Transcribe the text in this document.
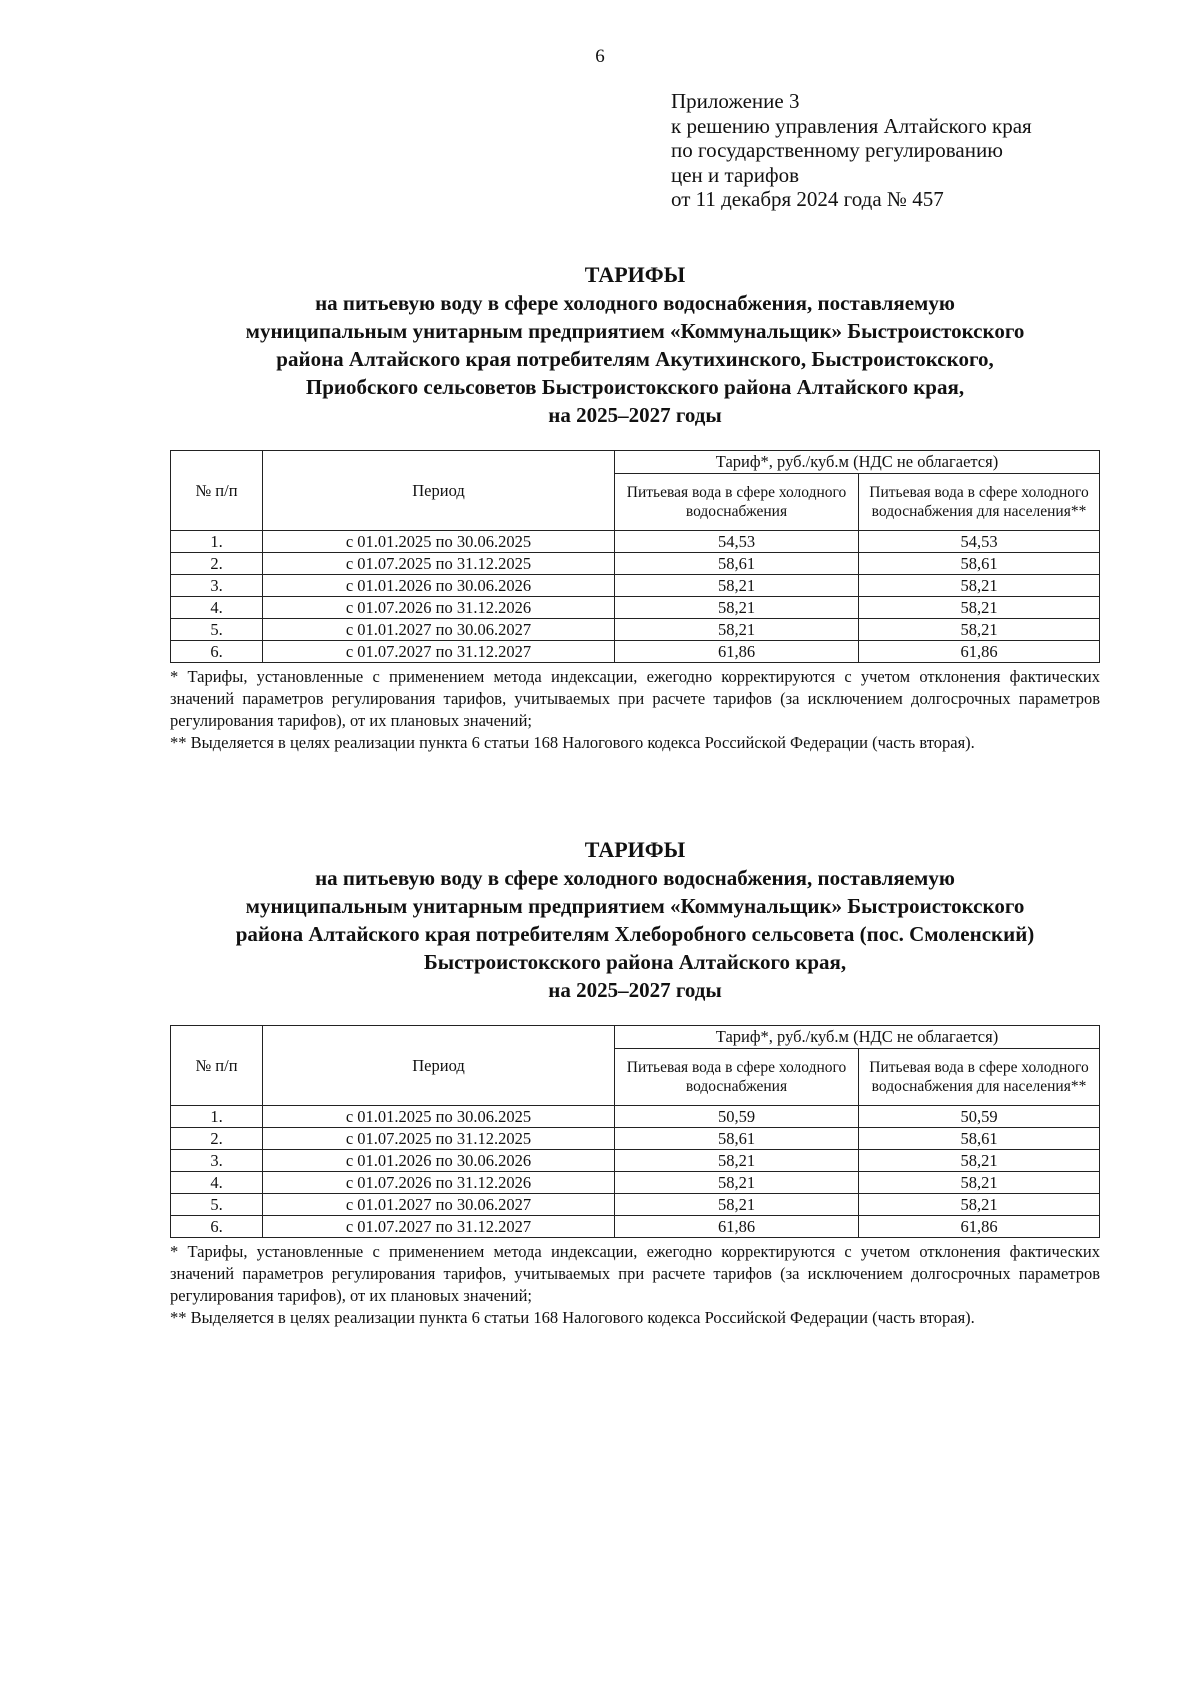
6
Приложение 3
к решению управления Алтайского края
по государственному регулированию
цен и тарифов
от 11 декабря 2024 года № 457
ТАРИФЫ
на питьевую воду в сфере холодного водоснабжения, поставляемую
муниципальным унитарным предприятием «Коммунальщик» Быстроистокского
района Алтайского края потребителям Акутихинского, Быстроистокского,
Приобского сельсоветов Быстроистокского района Алтайского края,
на 2025–2027 годы
№ п/п	Период	Тариф*, руб./куб.м (НДС не облагается)	
		Питьевая вода в сфере холодного водоснабжения	Питьевая вода в сфере холодного водоснабжения для населения**
1.	с 01.01.2025 по 30.06.2025	54,53	54,53
2.	с 01.07.2025 по 31.12.2025	58,61	58,61
3.	с 01.01.2026 по 30.06.2026	58,21	58,21
4.	с 01.07.2026 по 31.12.2026	58,21	58,21
5.	с 01.01.2027 по 30.06.2027	58,21	58,21
6.	с 01.07.2027 по 31.12.2027	61,86	61,86

* Тарифы, установленные с применением метода индексации, ежегодно корректируются с учетом отклонения фактических значений параметров регулирования тарифов, учитываемых при расчете тарифов (за исключением долгосрочных параметров регулирования тарифов), от их плановых значений;

** Выделяется в целях реализации пункта 6 статьи 168 Налогового кодекса Российской Федерации (часть вторая).

ТАРИФЫ
на питьевую воду в сфере холодного водоснабжения, поставляемую
муниципальным унитарным предприятием «Коммунальщик» Быстроистокского
района Алтайского края потребителям Хлеборобного сельсовета (пос. Смоленский)
Быстроистокского района Алтайского края,
на 2025–2027 годы
№ п/п	Период	Тариф*, руб./куб.м (НДС не облагается)	
		Питьевая вода в сфере холодного водоснабжения	Питьевая вода в сфере холодного водоснабжения для населения**
1.	с 01.01.2025 по 30.06.2025	50,59	50,59
2.	с 01.07.2025 по 31.12.2025	58,61	58,61
3.	с 01.01.2026 по 30.06.2026	58,21	58,21
4.	с 01.07.2026 по 31.12.2026	58,21	58,21
5.	с 01.01.2027 по 30.06.2027	58,21	58,21
6.	с 01.07.2027 по 31.12.2027	61,86	61,86

* Тарифы, установленные с применением метода индексации, ежегодно корректируются с учетом отклонения фактических значений параметров регулирования тарифов, учитываемых при расчете тарифов (за исключением долгосрочных параметров регулирования тарифов), от их плановых значений;

** Выделяется в целях реализации пункта 6 статьи 168 Налогового кодекса Российской Федерации (часть вторая).
